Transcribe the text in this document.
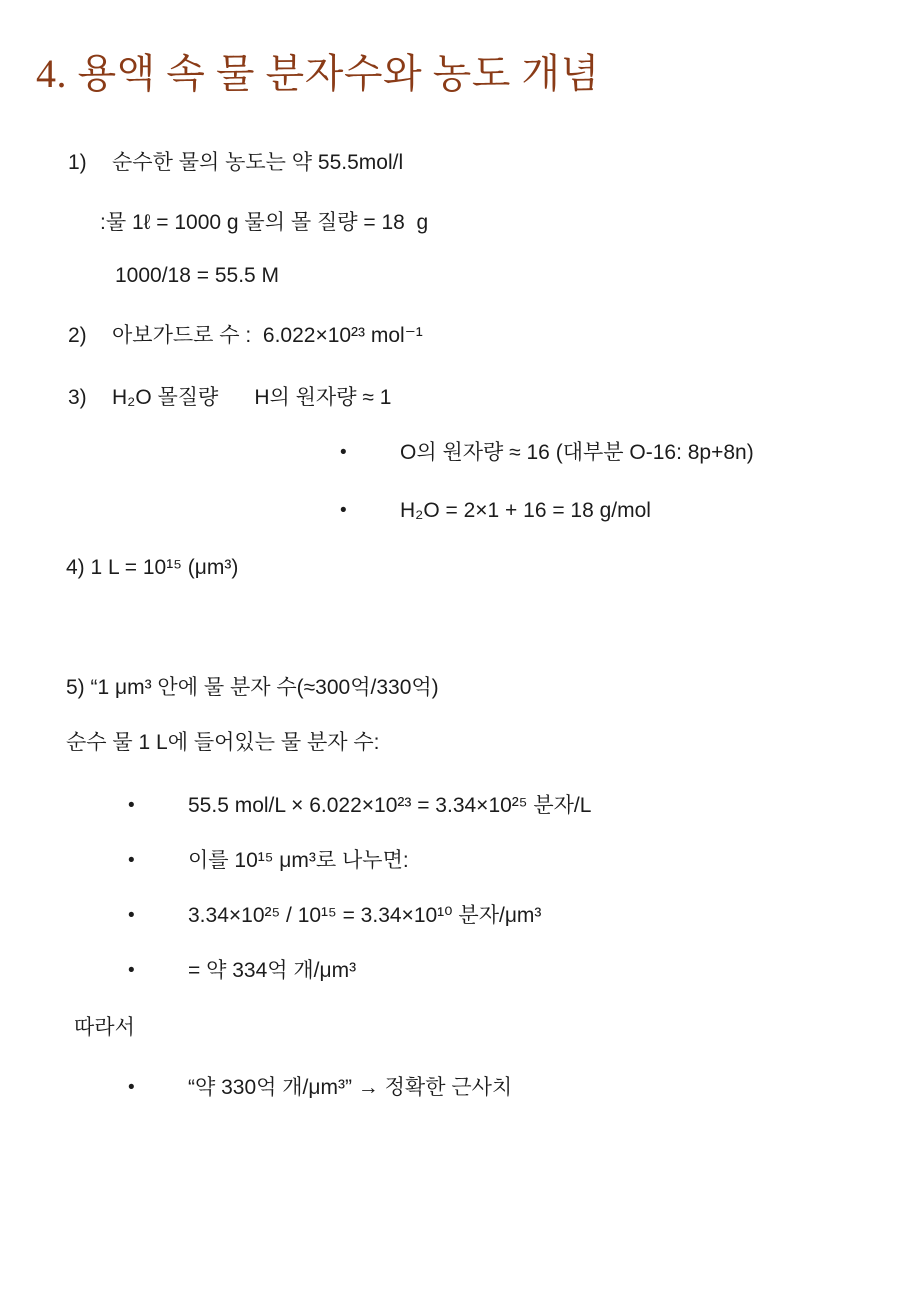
4. 용액 속 물 분자수와 농도 개념
1)	순수한 물의 농도는 약 55.5mol/l

:물 1ℓ = 1000 g 물의 몰 질량 = 18  g

1000/18 = 55.5 M

2)	아보가드로 수 :  6.022×10²³ mol⁻¹
3)	H₂O 몰질량 H의 원자량 ≈ 1
•	O의 원자량 ≈ 16 (대부분 O-16: 8p+8n)
•	H₂O = 2×1 + 16 = 18 g/mol

4) 1 L = 10¹⁵ (μm³)

5) “1 μm³ 안에 물 분자 수(≈300억/330억)

순수 물 1 L에 들어있는 물 분자 수:

•	55.5 mol/L × 6.022×10²³ = 3.34×10²⁵ 분자/L
•	이를 10¹⁵ μm³로 나누면:
•	3.34×10²⁵ / 10¹⁵ = 3.34×10¹⁰ 분자/μm³
•	= 약 334억 개/μm³

따라서

•	“약 330억 개/μm³” → 정확한 근사치
